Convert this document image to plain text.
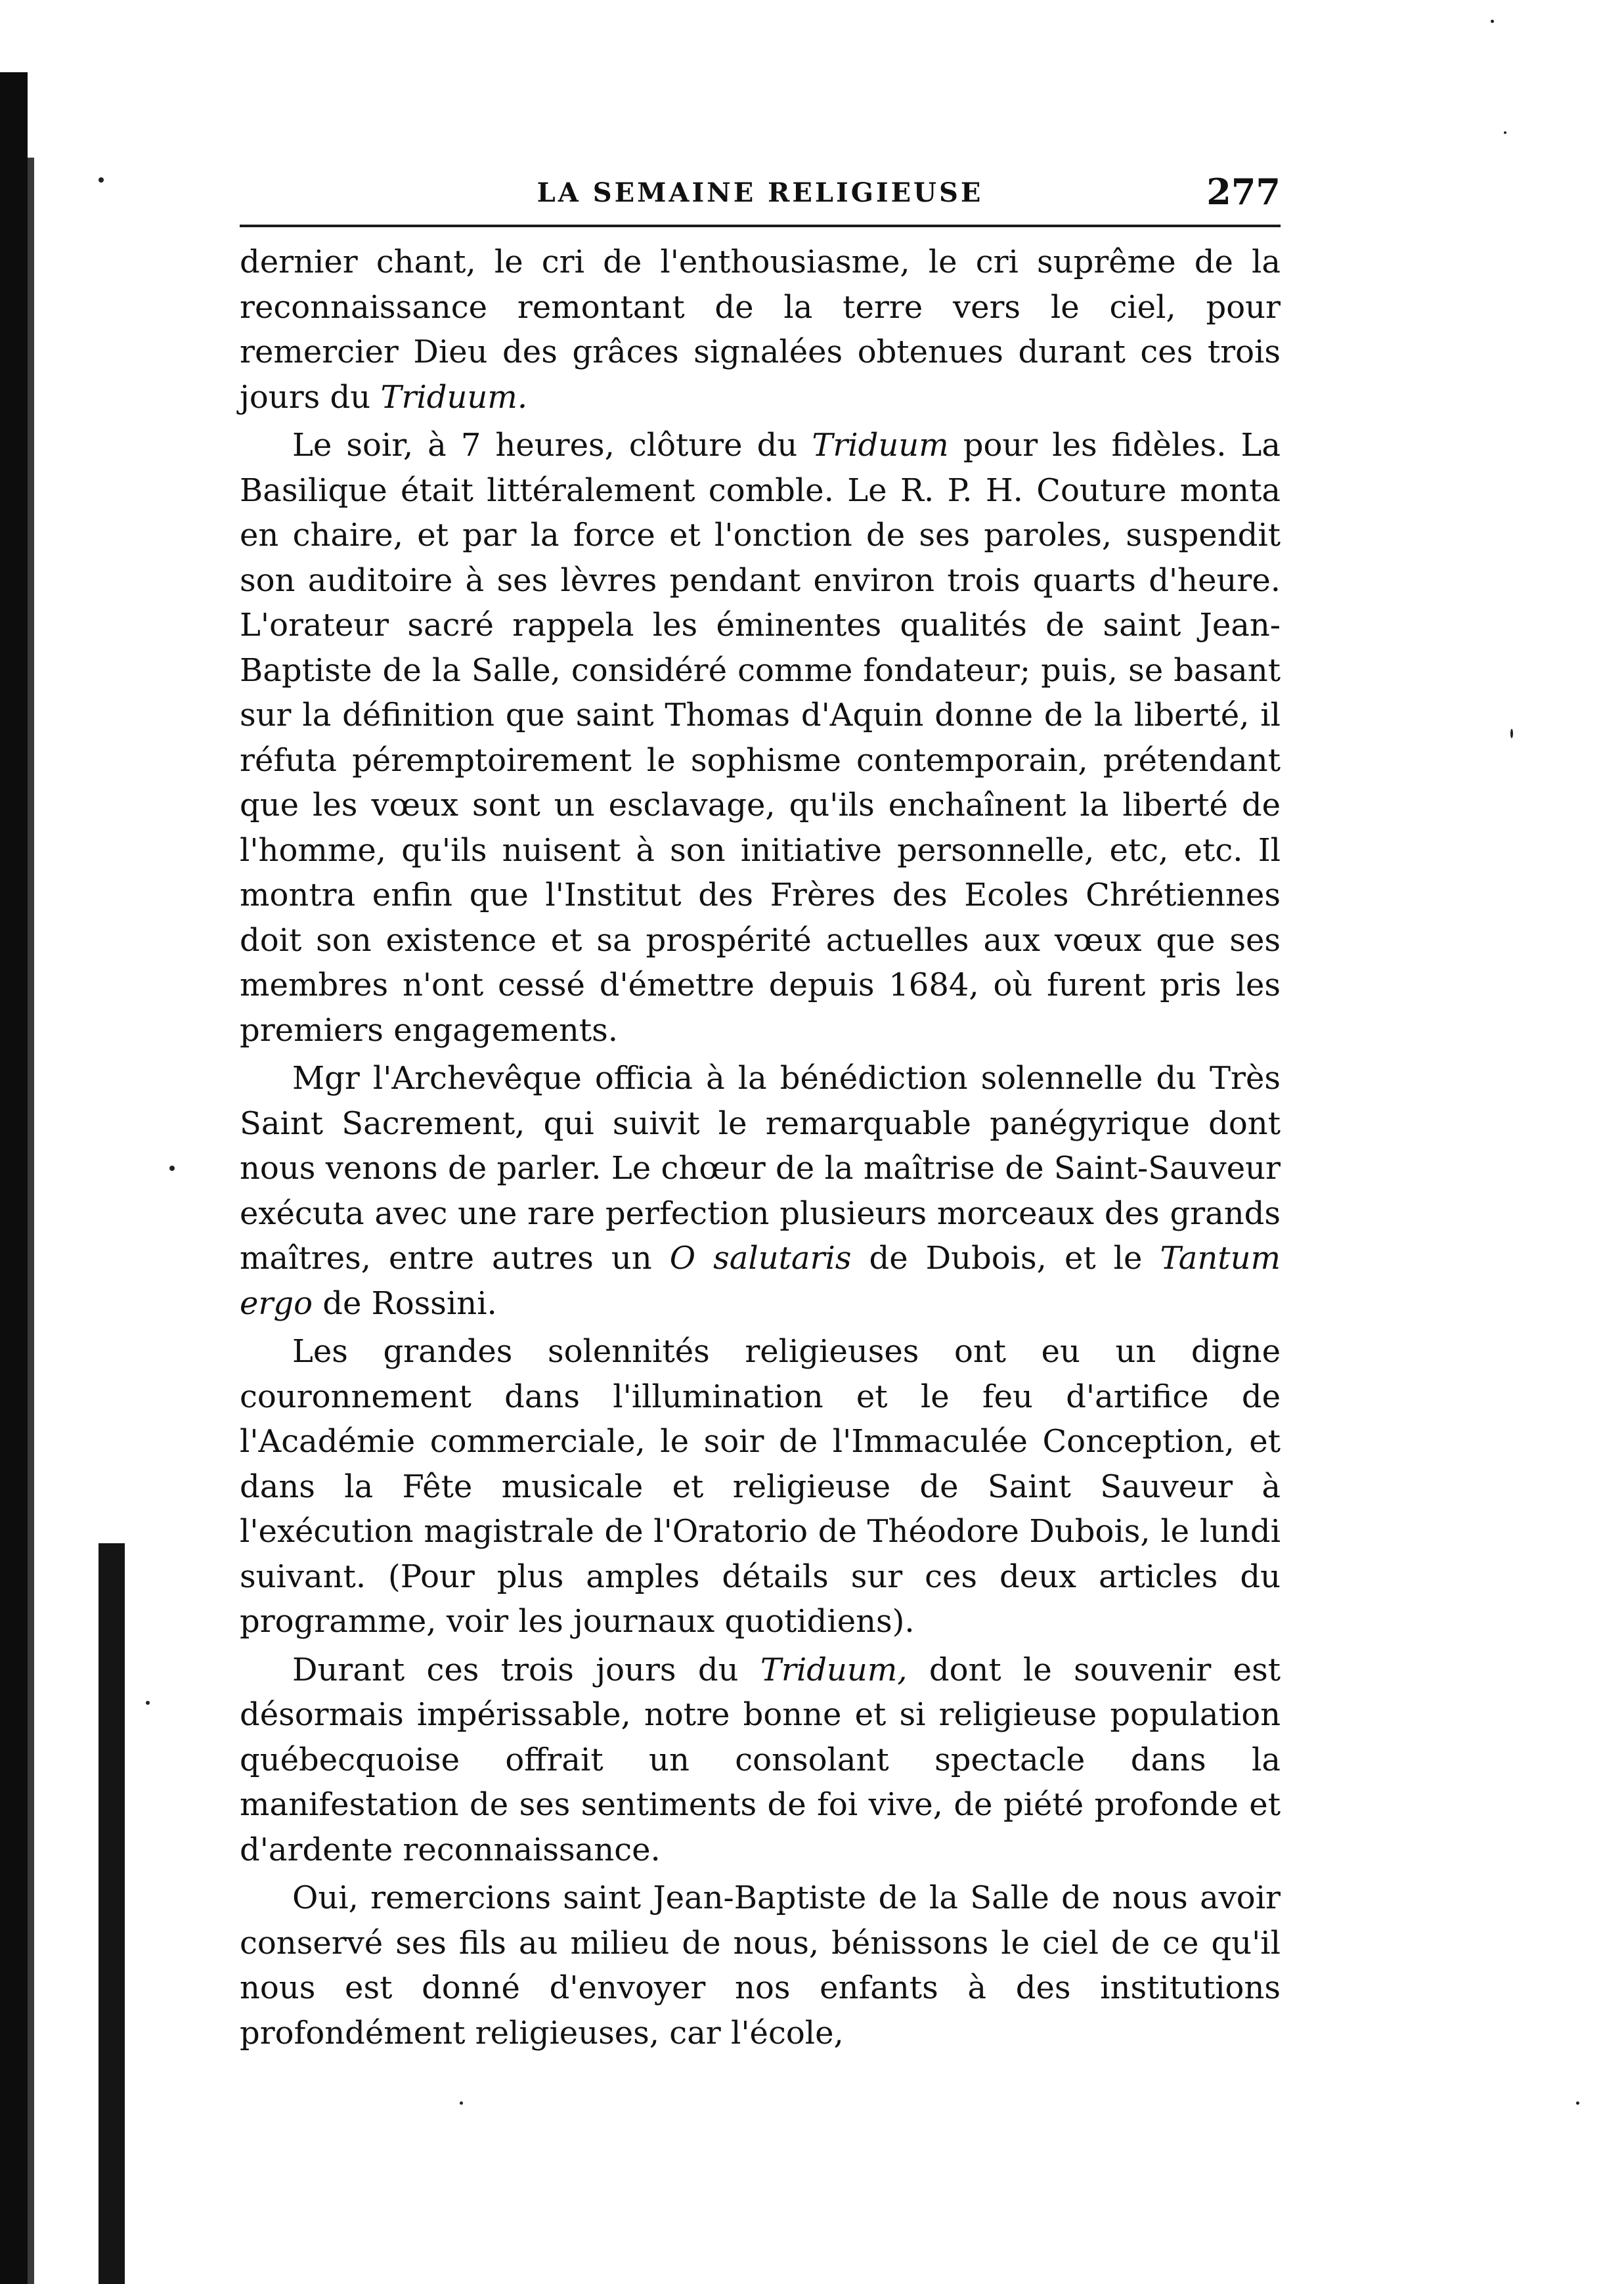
LA SEMAINE RELIGIEUSE	277

dernier chant, le cri de l'enthousiasme, le cri suprême de la reconnaissance remontant de la terre vers le ciel, pour remercier Dieu des grâces signalées obtenues durant ces trois jours du Triduum.

Le soir, à 7 heures, clôture du Triduum pour les fidèles. La Basilique était littéralement comble. Le R. P. H. Couture monta en chaire, et par la force et l'onction de ses paroles, suspendit son auditoire à ses lèvres pendant environ trois quarts d'heure. L'orateur sacré rappela les éminentes qualités de saint Jean-Baptiste de la Salle, considéré comme fondateur; puis, se basant sur la définition que saint Thomas d'Aquin donne de la liberté, il réfuta péremptoirement le sophisme contemporain, prétendant que les vœux sont un esclavage, qu'ils enchaînent la liberté de l'homme, qu'ils nuisent à son initiative personnelle, etc, etc. Il montra enfin que l'Institut des Frères des Ecoles Chrétiennes doit son existence et sa prospérité actuelles aux vœux que ses membres n'ont cessé d'émettre depuis 1684, où furent pris les premiers engagements.

Mgr l'Archevêque officia à la bénédiction solennelle du Très Saint Sacrement, qui suivit le remarquable panégyrique dont nous venons de parler. Le chœur de la maîtrise de Saint-Sauveur exécuta avec une rare perfection plusieurs morceaux des grands maîtres, entre autres un O salutaris de Dubois, et le Tantum ergo de Rossini.

Les grandes solennités religieuses ont eu un digne couronnement dans l'illumination et le feu d'artifice de l'Académie commerciale, le soir de l'Immaculée Conception, et dans la Fête musicale et religieuse de Saint Sauveur à l'exécution magistrale de l'Oratorio de Théodore Dubois, le lundi suivant. (Pour plus amples détails sur ces deux articles du programme, voir les journaux quotidiens).

Durant ces trois jours du Triduum, dont le souvenir est désormais impérissable, notre bonne et si religieuse population québecquoise offrait un consolant spectacle dans la manifestation de ses sentiments de foi vive, de piété profonde et d'ardente reconnaissance.

Oui, remercions saint Jean-Baptiste de la Salle de nous avoir conservé ses fils au milieu de nous, bénissons le ciel de ce qu'il nous est donné d'envoyer nos enfants à des institutions profondément religieuses, car l'école,
